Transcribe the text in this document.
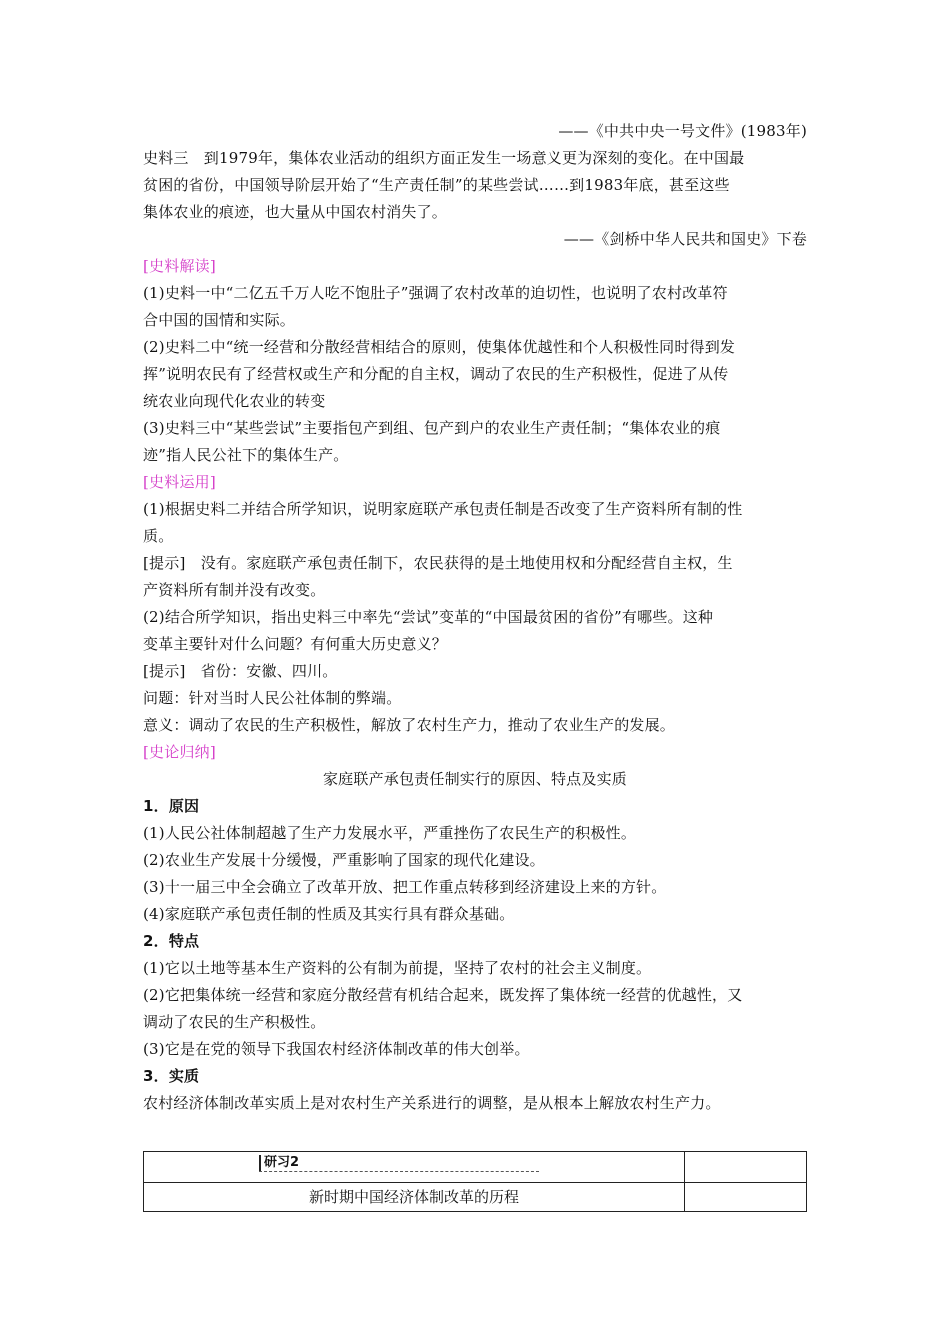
——《中共中央一号文件》(1983年)
史料三　到1979年，集体农业活动的组织方面正发生一场意义更为深刻的变化。在中国最
贫困的省份，中国领导阶层开始了“生产责任制”的某些尝试……到1983年底，甚至这些
集体农业的痕迹，也大量从中国农村消失了。
——《剑桥中华人民共和国史》下卷
[史料解读]
(1)史料一中“二亿五千万人吃不饱肚子”强调了农村改革的迫切性，也说明了农村改革符
合中国的国情和实际。
(2)史料二中“统一经营和分散经营相结合的原则，使集体优越性和个人积极性同时得到发
挥”说明农民有了经营权或生产和分配的自主权，调动了农民的生产积极性，促进了从传
统农业向现代化农业的转变
(3)史料三中“某些尝试”主要指包产到组、包产到户的农业生产责任制；“集体农业的痕
迹”指人民公社下的集体生产。
[史料运用]
(1)根据史料二并结合所学知识，说明家庭联产承包责任制是否改变了生产资料所有制的性
质。
[提示]　没有。家庭联产承包责任制下，农民获得的是土地使用权和分配经营自主权，生
产资料所有制并没有改变。
(2)结合所学知识，指出史料三中率先“尝试”变革的“中国最贫困的省份”有哪些。这种
变革主要针对什么问题？有何重大历史意义？
[提示]　省份：安徽、四川。
问题：针对当时人民公社体制的弊端。
意义：调动了农民的生产积极性，解放了农村生产力，推动了农业生产的发展。
[史论归纳]
家庭联产承包责任制实行的原因、特点及实质
1．原因
(1)人民公社体制超越了生产力发展水平，严重挫伤了农民生产的积极性。
(2)农业生产发展十分缓慢，严重影响了国家的现代化建设。
(3)十一届三中全会确立了改革开放、把工作重点转移到经济建设上来的方针。
(4)家庭联产承包责任制的性质及其实行具有群众基础。
2．特点
(1)它以土地等基本生产资料的公有制为前提，坚持了农村的社会主义制度。
(2)它把集体统一经营和家庭分散经营有机结合起来，既发挥了集体统一经营的优越性，又
调动了农民的生产积极性。
(3)它是在党的领导下我国农村经济体制改革的伟大创举。
3．实质
农村经济体制改革实质上是对农村生产关系进行的调整，是从根本上解放农村生产力。
研习2
新时期中国经济体制改革的历程
